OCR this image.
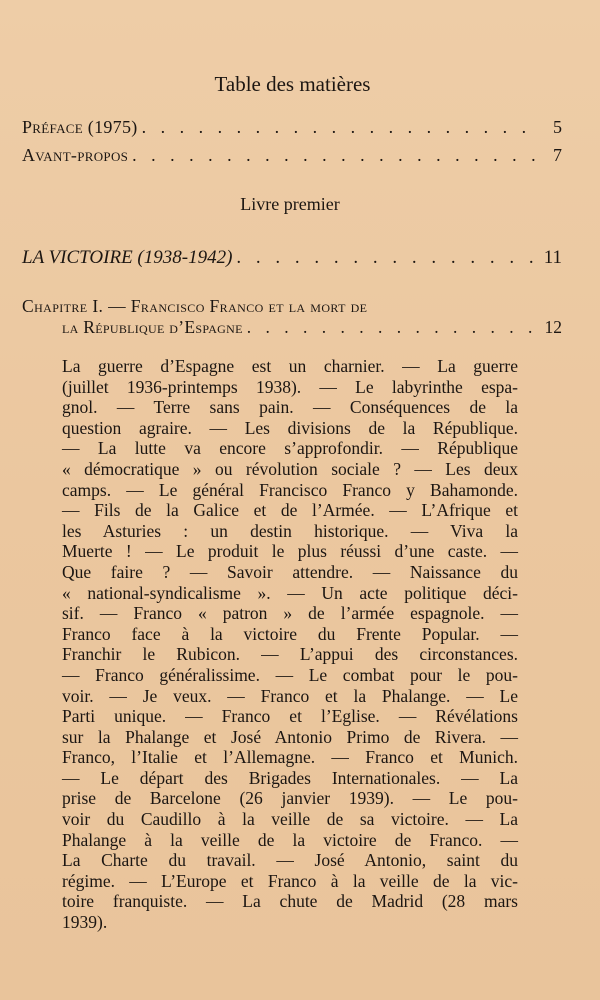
Table des matières
Préface (1975) . . .	5
Avant-propos . . .	7
Livre premier
LA VICTOIRE (1938-1942) . . .	11
Chapitre I. — Francisco Franco et la mort de
la République d’Espagne . . .	12
La guerre d’Espagne est un charnier. — La guerre
(juillet 1936-printemps 1938). — Le labyrinthe espa-
gnol. — Terre sans pain. — Conséquences de la
question agraire. — Les divisions de la République.
— La lutte va encore s’approfondir. — République
« démocratique » ou révolution sociale ? — Les deux
camps. — Le général Francisco Franco y Bahamonde.
— Fils de la Galice et de l’Armée. — L’Afrique et
les Asturies : un destin historique. — Viva la
Muerte ! — Le produit le plus réussi d’une caste. —
Que faire ? — Savoir attendre. — Naissance du
« national-syndicalisme ». — Un acte politique déci-
sif. — Franco « patron » de l’armée espagnole. —
Franco face à la victoire du Frente Popular. —
Franchir le Rubicon. — L’appui des circonstances.
— Franco généralissime. — Le combat pour le pou-
voir. — Je veux. — Franco et la Phalange. — Le
Parti unique. — Franco et l’Eglise. — Révélations
sur la Phalange et José Antonio Primo de Rivera. —
Franco, l’Italie et l’Allemagne. — Franco et Munich.
— Le départ des Brigades Internationales. — La
prise de Barcelone (26 janvier 1939). — Le pou-
voir du Caudillo à la veille de sa victoire. — La
Phalange à la veille de la victoire de Franco. —
La Charte du travail. — José Antonio, saint du
régime. — L’Europe et Franco à la veille de la vic-
toire franquiste. — La chute de Madrid (28 mars
1939).
